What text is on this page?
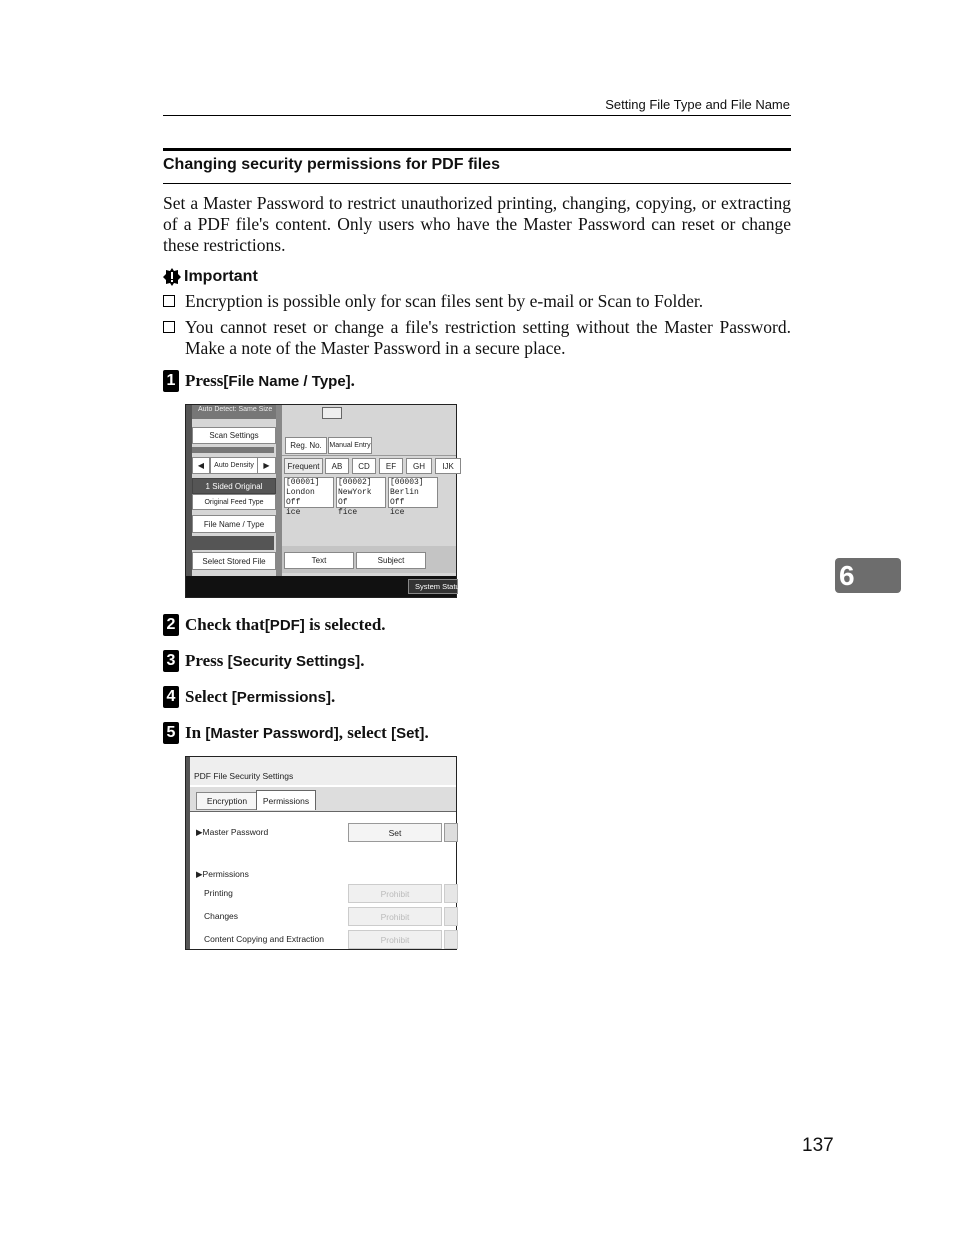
Setting File Type and File Name
Changing security permissions for PDF files
Set a Master Password to restrict unauthorized printing, changing, copying, or extracting of a PDF file's content. Only users who have the Master Password can reset or change these restrictions.
Important
Encryption is possible only for scan files sent by e-mail or Scan to Folder.
You cannot reset or change a file's restriction setting without the Master Password. Make a note of the Master Password in a secure place.
1 Press [File Name / Type] .
Auto Detect: Same Size
Scan Settings
◀	Auto Density	▶
1 Sided Original
Original Feed Type
File Name / Type
Select Stored File
Reg. No.	Manual Entry
Frequent	AB	CD	EF	GH	IJK
[00001]
London Off
ice
[00002]
NewYork Of
fice
[00003]
Berlin Off
ice
Text	Subject
System Status
2 Check that [PDF] is selected.
3 Press [Security Settings] .
4 Select [Permissions] .
5 In [Master Password] , select [Set] .
PDF File Security Settings
Encryption	Permissions
▶Master Password	Set
▶Permissions
Printing	Prohibit
Changes	Prohibit
Content Copying and Extraction	Prohibit
6
137
